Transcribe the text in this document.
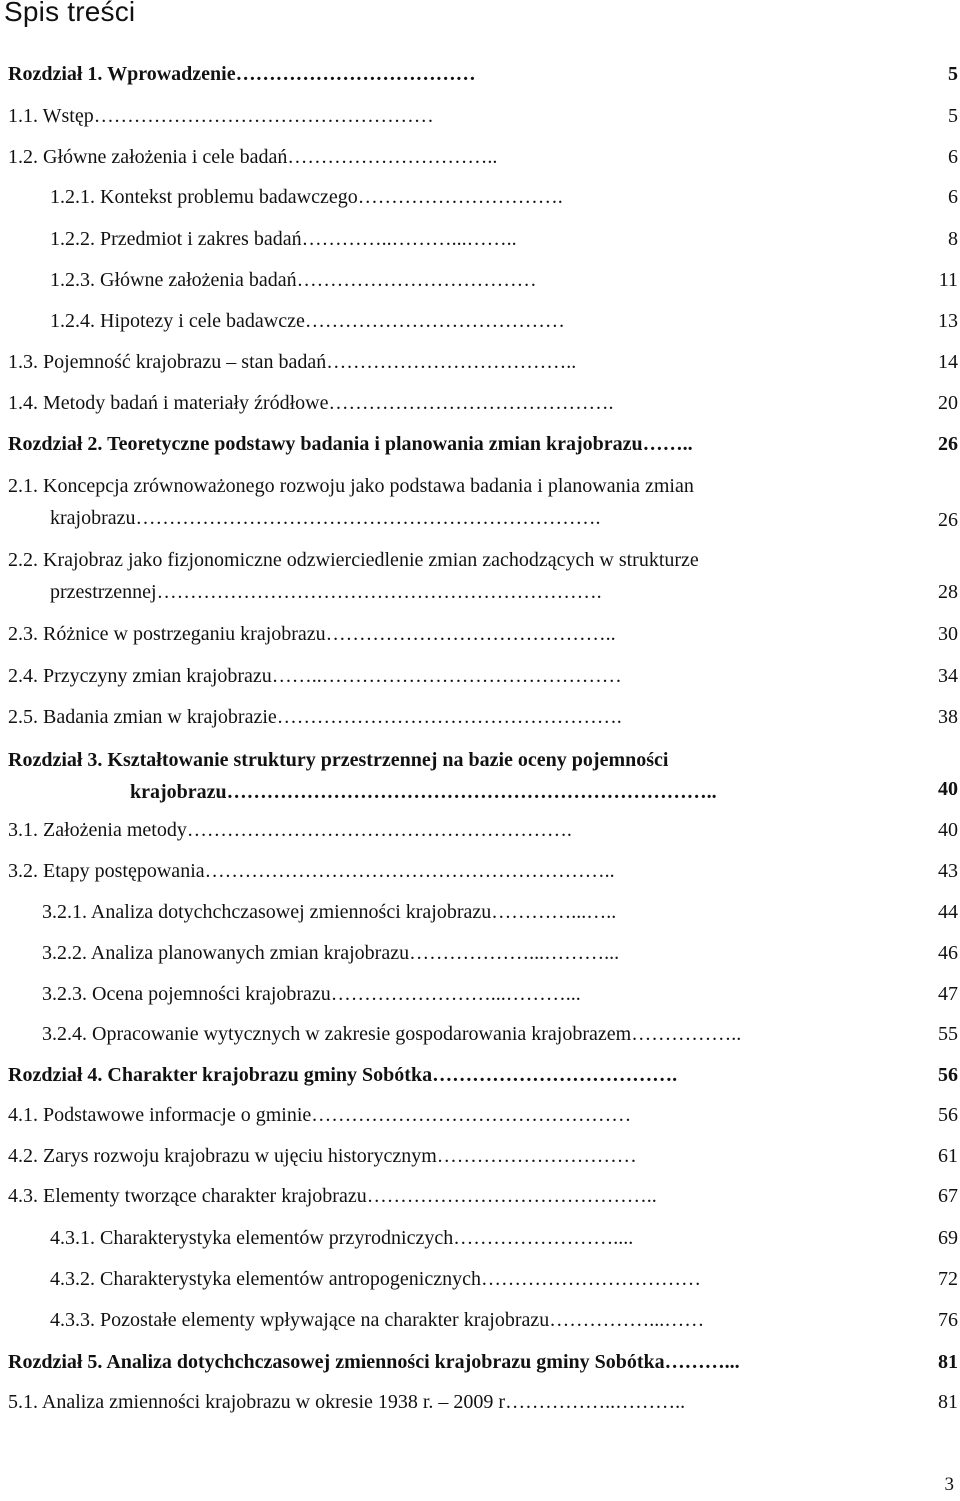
Spis treści
Rozdział 1. Wprowadzenie………………………………	5
1.1. Wstęp……………………………………………	5
1.2. Główne założenia i cele badań…………………………..	6
1.2.1. Kontekst problemu badawczego………………………….	6
1.2.2. Przedmiot i zakres badań…………..………...……..	8
1.2.3. Główne założenia badań………………………………	11
1.2.4. Hipotezy i cele badawcze…………………………………	13
1.3. Pojemność krajobrazu – stan badań………………………………..	14
1.4. Metody badań i materiały źródłowe…………………………………….	20
Rozdział 2. Teoretyczne podstawy badania i planowania zmian krajobrazu……..	26
2.1. Koncepcja zrównoważonego rozwoju jako podstawa badania i planowania zmian krajobrazu…………………………………………………………….	26
2.2. Krajobraz jako fizjonomiczne odzwierciedlenie zmian zachodzących w strukturze przestrzennej………………………………………………………….	28
2.3. Różnice w postrzeganiu krajobrazu……………………………………..	30
2.4. Przyczyny zmian krajobrazu……..………………………………………	34
2.5. Badania zmian w krajobrazie…………………………………………….	38
Rozdział 3. Kształtowanie struktury przestrzennej na bazie oceny pojemności krajobrazu………………………………………………………………..	40
3.1. Założenia metody………………………………………………….	40
3.2. Etapy postępowania……………………………………………………..	43
3.2.1. Analiza dotychchczasowej zmienności krajobrazu…………...…..	44
3.2.2. Analiza planowanych zmian krajobrazu………………...………...	46
3.2.3. Ocena pojemności krajobrazu……………………...………...	47
3.2.4. Opracowanie wytycznych w zakresie gospodarowania krajobrazem……………..	55
Rozdział 4. Charakter krajobrazu gminy Sobótka……………………………….	56
4.1. Podstawowe informacje o gminie…………………………………………	56
4.2. Zarys rozwoju krajobrazu w ujęciu historycznym…………………………	61
4.3. Elementy tworzące charakter krajobrazu……………………………………..	67
4.3.1. Charakterystyka elementów przyrodniczych……………………....	69
4.3.2. Charakterystyka elementów antropogenicznych……………………………	72
4.3.3. Pozostałe elementy wpływające na charakter krajobrazu……………...……	76
Rozdział 5. Analiza dotychchczasowej zmienności krajobrazu gminy Sobótka………...	81
5.1. Analiza zmienności krajobrazu w okresie 1938 r. – 2009 r……………..………..	81
3
